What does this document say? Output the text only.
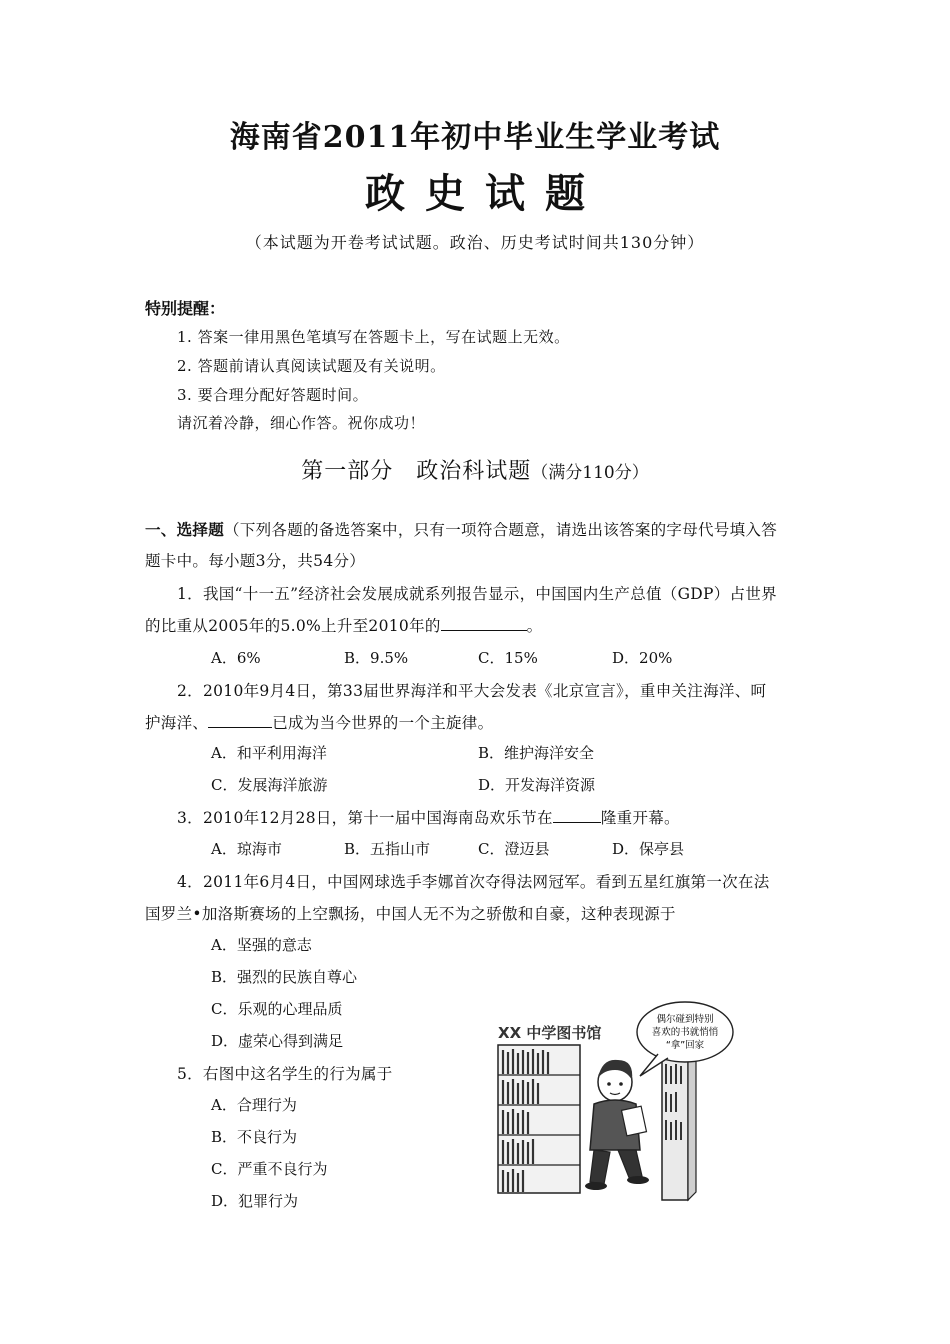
海南省2011年初中毕业生学业考试
政史试题
（本试题为开卷考试试题。政治、历史考试时间共130分钟）
特别提醒：
1. 答案一律用黑色笔填写在答题卡上，写在试题上无效。
2. 答题前请认真阅读试题及有关说明。
3. 要合理分配好答题时间。
请沉着冷静，细心作答。祝你成功！
第一部分　政治科试题（满分110分）
一、选择题（下列各题的备选答案中，只有一项符合题意，请选出该答案的字母代号填入答
题卡中。每小题3分，共54分）
1．我国“十一五”经济社会发展成就系列报告显示，中国国内生产总值（GDP）占世界
的比重从2005年的5.0%上升至2010年的	。
A．6%	B．9.5%	C．15%	D．20%
2．2010年9月4日，第33届世界海洋和平大会发表《北京宣言》，重申关注海洋、呵
护海洋、	已成为当今世界的一个主旋律。
A．和平利用海洋	B．维护海洋安全
C．发展海洋旅游	D．开发海洋资源
3．2010年12月28日，第十一届中国海南岛欢乐节在	隆重开幕。
A．琼海市	B．五指山市	C．澄迈县	D．保亭县
4．2011年6月4日，中国网球选手李娜首次夺得法网冠军。看到五星红旗第一次在法
国罗兰•加洛斯赛场的上空飘扬，中国人无不为之骄傲和自豪，这种表现源于
A．坚强的意志
B．强烈的民族自尊心
C．乐观的心理品质
D．虚荣心得到满足
5．右图中这名学生的行为属于
A．合理行为
B．不良行为
C．严重不良行为
D．犯罪行为
偶尔碰到特别
喜欢的书就悄悄
“拿”回家
XX 中学图书馆
